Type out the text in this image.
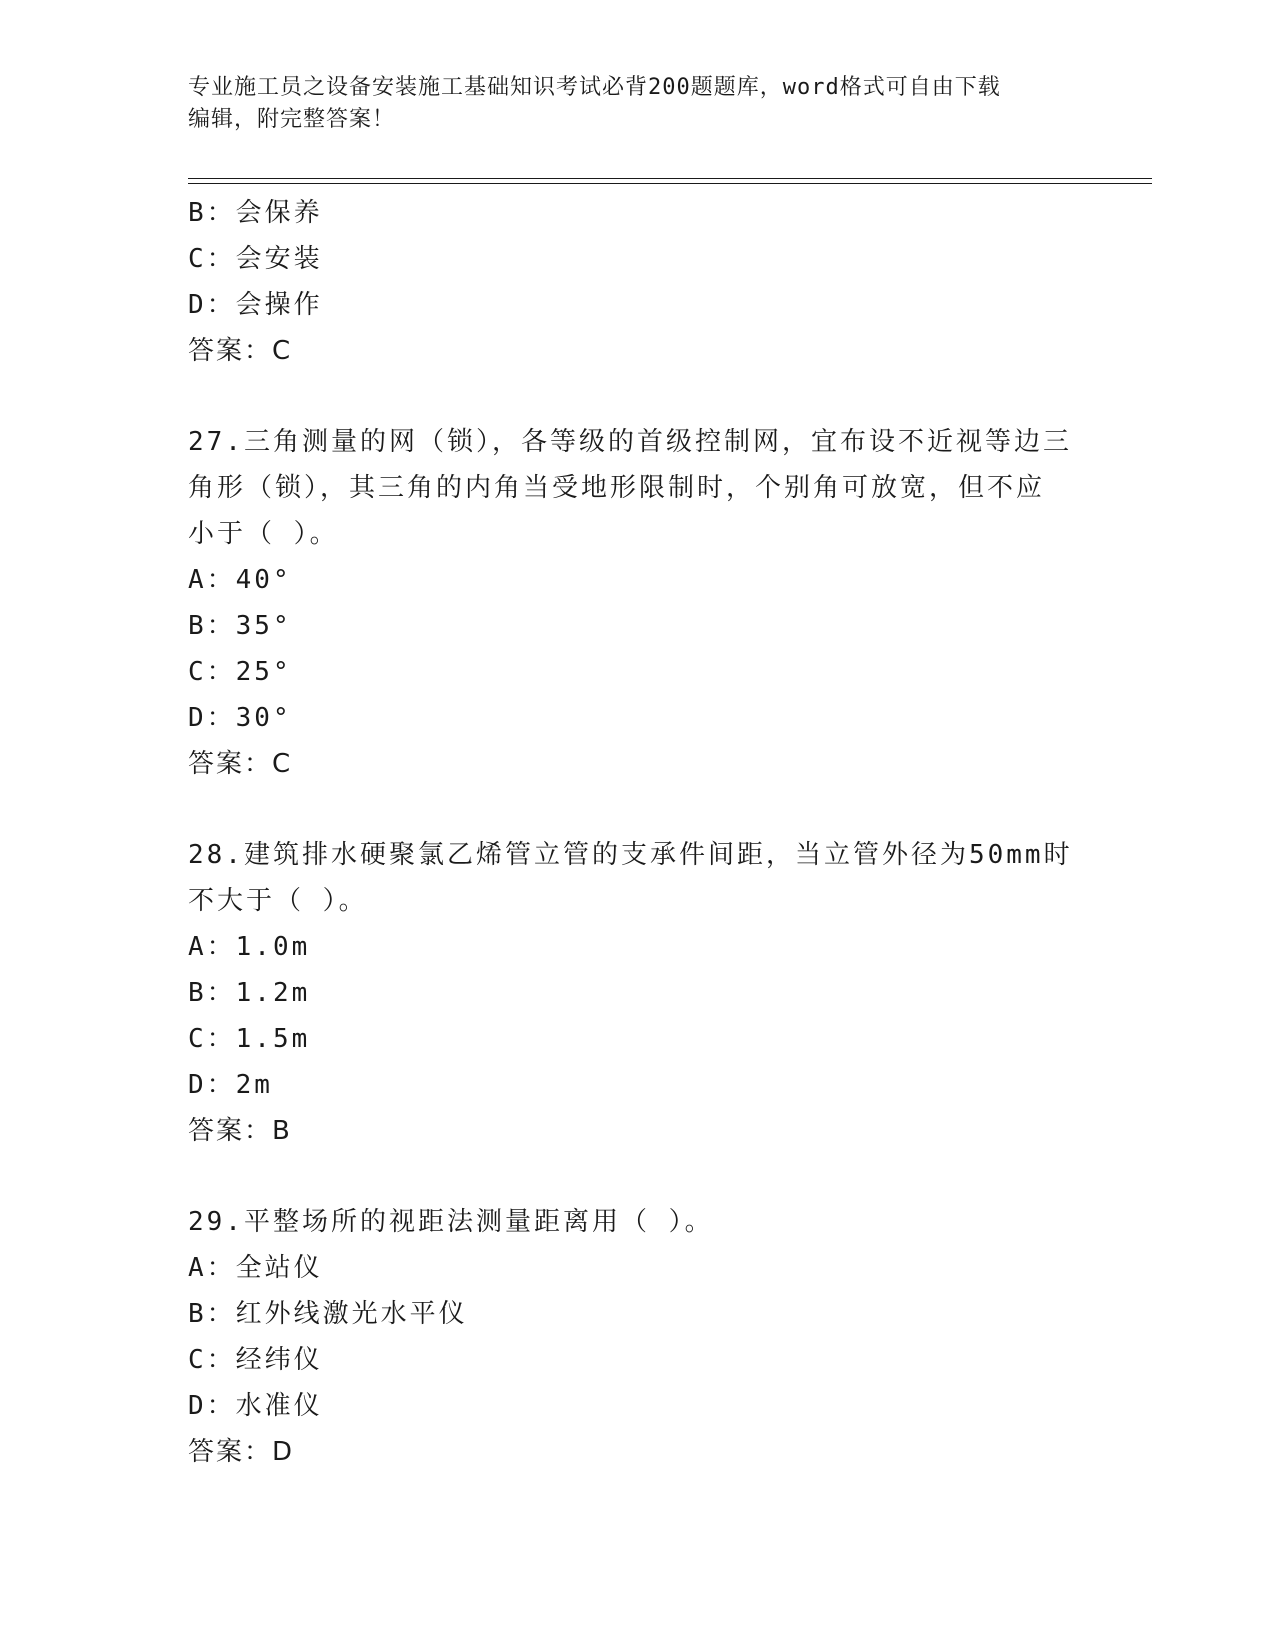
专业施工员之设备安装施工基础知识考试必背200题题库，word格式可自由下载
编辑，附完整答案！
B：会保养
C：会安装
D：会操作
答案：C
27.三角测量的网（锁），各等级的首级控制网，宜布设不近视等边三
角形（锁），其三角的内角当受地形限制时，个别角可放宽，但不应
小于（ ）。
A：40°
B：35°
C：25°
D：30°
答案：C
28.建筑排水硬聚氯乙烯管立管的支承件间距，当立管外径为50mm时
不大于（ ）。
A：1.0m
B：1.2m
C：1.5m
D：2m
答案：B
29.平整场所的视距法测量距离用（ ）。
A：全站仪
B：红外线激光水平仪
C：经纬仪
D：水准仪
答案：D
